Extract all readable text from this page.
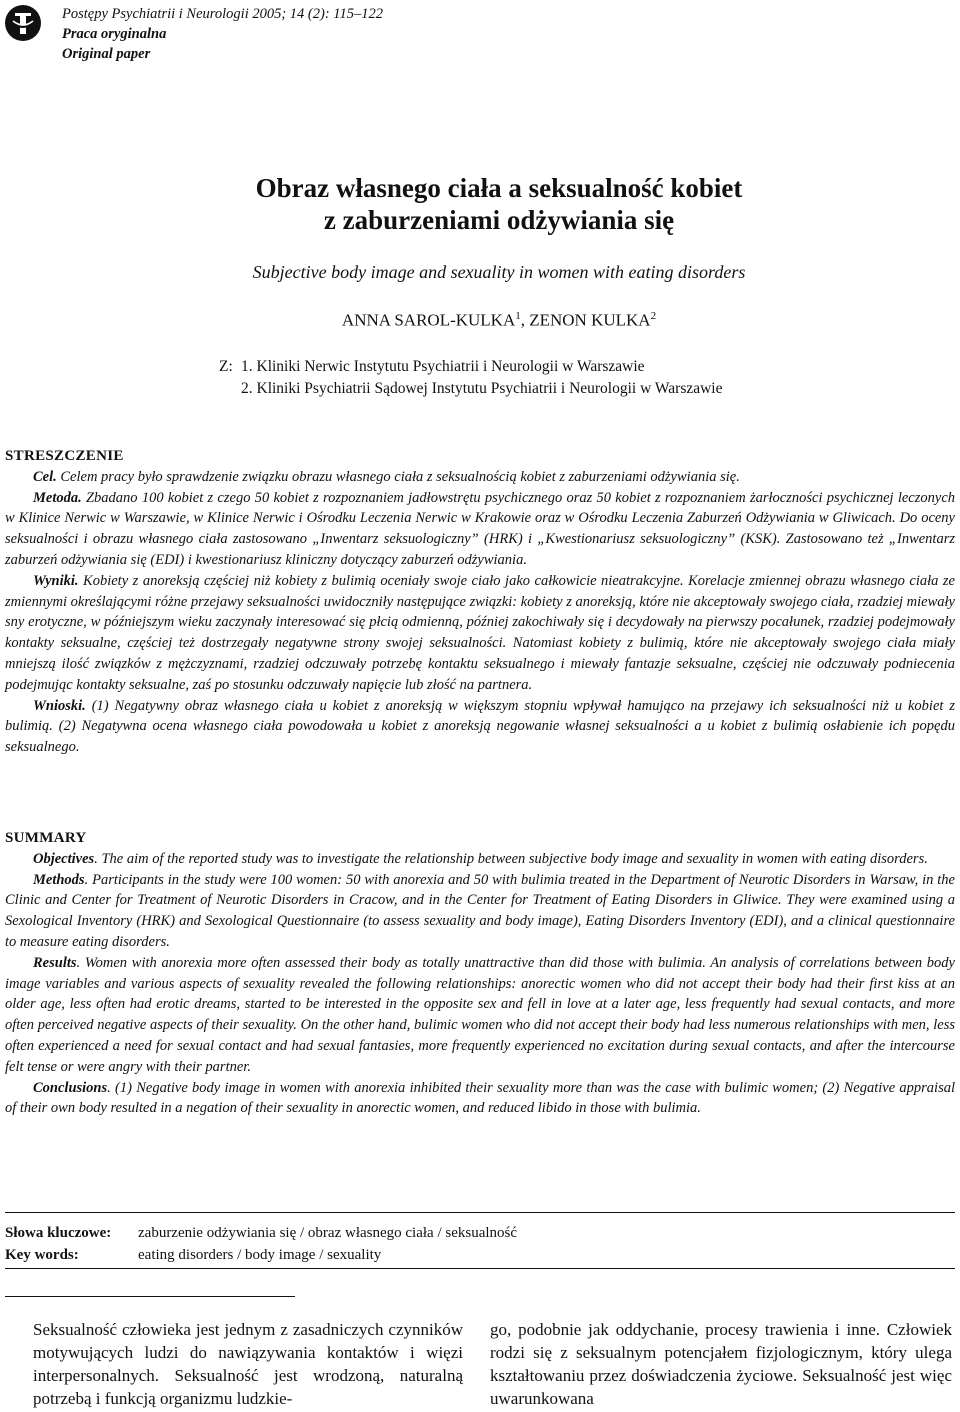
Postępy Psychiatrii i Neurologii 2005; 14 (2): 115–122
Praca oryginalna
Original paper
Obraz własnego ciała a seksualność kobiet
z zaburzeniami odżywiania się
Subjective body image and sexuality in women with eating disorders
ANNA SAROL-KULKA$^1$, ZENON KULKA$^2$
Z: 1.
Kliniki Nerwic Instytutu Psychiatrii i Neurologii w Warszawie
2.
Kliniki Psychiatrii Sądowej Instytutu Psychiatrii i Neurologii w Warszawie

STRESZCZENIE

Cel. Celem pracy było sprawdzenie związku obrazu własnego ciała z seksualnością kobiet z zaburzeniami odżywiania się.

Metoda. Zbadano 100 kobiet z czego 50 kobiet z rozpoznaniem jadłowstrętu psychicznego oraz 50 kobiet z rozpoznaniem żarłoczności psychicznej leczonych w Klinice Nerwic w Warszawie, w Klinice Nerwic i Ośrodku Leczenia Nerwic w Krakowie oraz w Ośrodku Leczenia Zaburzeń Odżywiania w Gliwicach. Do oceny seksualności i obrazu własnego ciała zastosowano „Inwentarz seksuologiczny” (HRK) i „Kwestionariusz seksuologiczny” (KSK). Zastosowano też „Inwentarz zaburzeń odżywiania się (EDI) i kwestionariusz kliniczny dotyczący zaburzeń odżywiania.

Wyniki. Kobiety z anoreksją częściej niż kobiety z bulimią oceniały swoje ciało jako całkowicie nieatrakcyjne. Korelacje zmiennej obrazu własnego ciała ze zmiennymi określającymi różne przejawy seksualności uwidoczniły następujące związki: kobiety z anoreksją, które nie akceptowały swojego ciała, rzadziej miewały sny erotyczne, w późniejszym wieku zaczynały interesować się płcią odmienną, później zakochiwały się i decydowały na pierwszy pocałunek, rzadziej podejmowały kontakty seksualne, częściej też dostrzegały negatywne strony swojej seksualności. Natomiast kobiety z bulimią, które nie akceptowały swojego ciała miały mniejszą ilość związków z mężczyznami, rzadziej odczuwały potrzebę kontaktu seksualnego i miewały fantazje seksualne, częściej nie odczuwały podniecenia podejmując kontakty seksualne, zaś po stosunku odczuwały napięcie lub złość na partnera.

Wnioski. (1) Negatywny obraz własnego ciała u kobiet z anoreksją w większym stopniu wpływał hamująco na przejawy ich seksualności niż u kobiet z bulimią. (2) Negatywna ocena własnego ciała powodowała u kobiet z anoreksją negowanie własnej seksualności a u kobiet z bulimią osłabienie ich popędu seksualnego.

SUMMARY

Objectives. The aim of the reported study was to investigate the relationship between subjective body image and sexuality in women with eating disorders.

Methods. Participants in the study were 100 women: 50 with anorexia and 50 with bulimia treated in the Department of Neurotic Disorders in Warsaw, in the Clinic and Center for Treatment of Neurotic Disorders in Cracow, and in the Center for Treatment of Eating Disorders in Gliwice. They were examined using a Sexological Inventory (HRK) and Sexological Questionnaire (to assess sexuality and body image), Eating Disorders Inventory (EDI), and a clinical questionnaire to measure eating disorders.

Results. Women with anorexia more often assessed their body as totally unattractive than did those with bulimia. An analysis of correlations between body image variables and various aspects of sexuality revealed the following relationships: anorectic women who did not accept their body had their first kiss at an older age, less often had erotic dreams, started to be interested in the opposite sex and fell in love at a later age, less frequently had sexual contacts, and more often perceived negative aspects of their sexuality. On the other hand, bulimic women who did not accept their body had less numerous relationships with men, less often experienced a need for sexual contact and had sexual fantasies, more frequently experienced no excitation during sexual contacts, and after the intercourse felt tense or were angry with their partner.

Conclusions. (1) Negative body image in women with anorexia inhibited their sexuality more than was the case with bulimic women; (2) Negative appraisal of their own body resulted in a negation of their sexuality in anorectic women, and reduced libido in those with bulimia.

Słowa kluczowe:	zaburzenie odżywiania się / obraz własnego ciała / seksualność
Key words:	eating disorders / body image / sexuality

Seksualność człowieka jest jednym z zasadniczych czynników motywujących ludzi do nawiązywania kontaktów i więzi interpersonalnych. Seksualność jest wrodzoną, naturalną potrzebą i funkcją organizmu ludzkie-

go, podobnie jak oddychanie, procesy trawienia i inne. Człowiek rodzi się z seksualnym potencjałem fizjologicznym, który ulega kształtowaniu przez doświadczenia życiowe. Seksualność jest więc uwarunkowana
